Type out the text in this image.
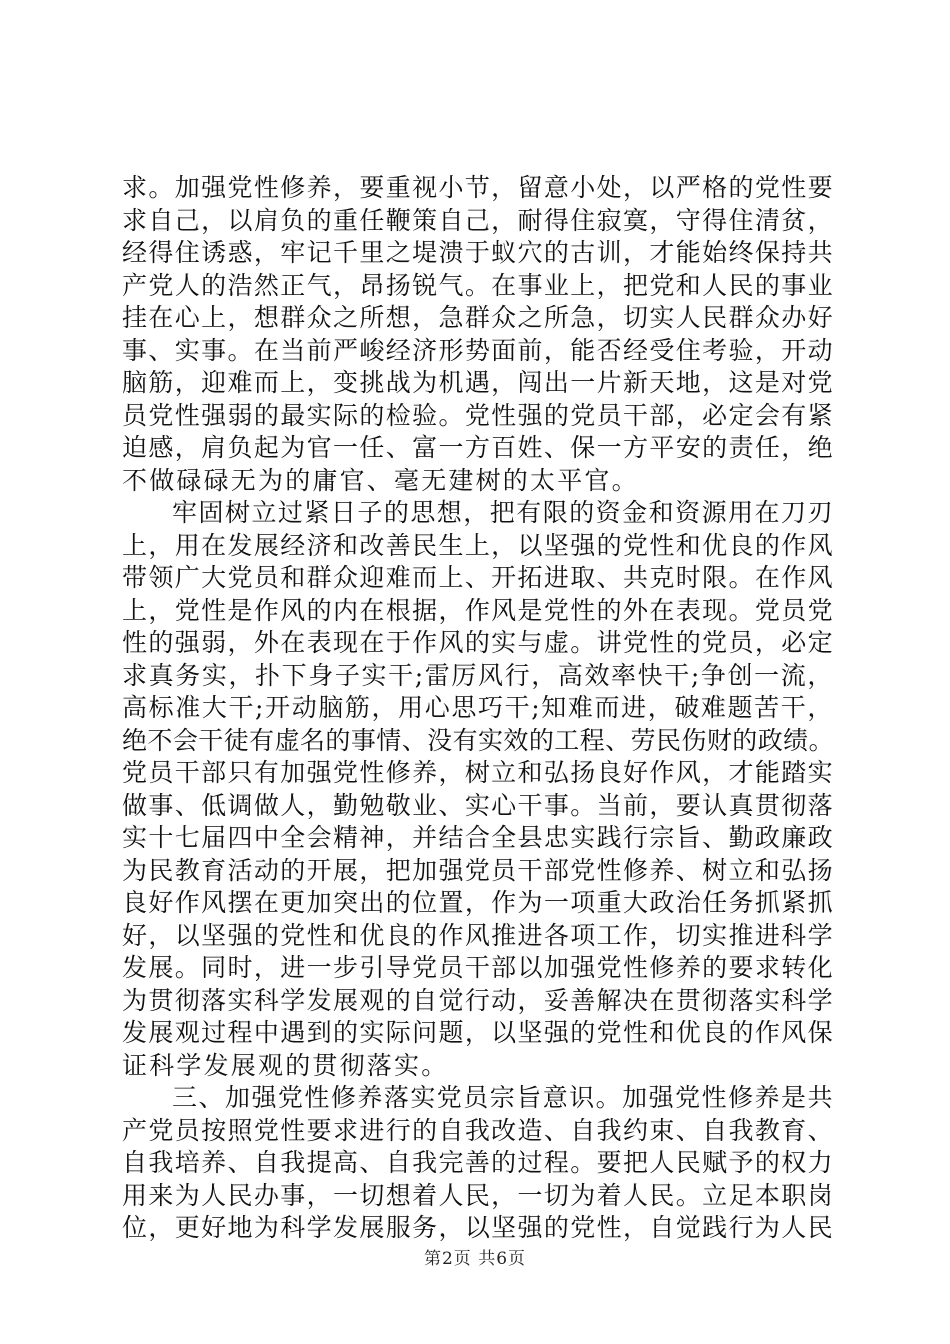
求。加强党性修养，要重视小节，留意小处，以严格的党性要
求自己，以肩负的重任鞭策自己，耐得住寂寞，守得住清贫，
经得住诱惑，牢记千里之堤溃于蚁穴的古训，才能始终保持共
产党人的浩然正气，昂扬锐气。在事业上，把党和人民的事业
挂在心上，想群众之所想，急群众之所急，切实人民群众办好
事、实事。在当前严峻经济形势面前，能否经受住考验，开动
脑筋，迎难而上，变挑战为机遇，闯出一片新天地，这是对党
员党性强弱的最实际的检验。党性强的党员干部，必定会有紧
迫感，肩负起为官一任、富一方百姓、保一方平安的责任，绝
不做碌碌无为的庸官、毫无建树的太平官。
牢固树立过紧日子的思想，把有限的资金和资源用在刀刃
上，用在发展经济和改善民生上，以坚强的党性和优良的作风
带领广大党员和群众迎难而上、开拓进取、共克时限。在作风
上，党性是作风的内在根据，作风是党性的外在表现。党员党
性的强弱，外在表现在于作风的实与虚。讲党性的党员，必定
求真务实，扑下身子实干;雷厉风行，高效率快干;争创一流，
高标准大干;开动脑筋，用心思巧干;知难而进，破难题苦干，
绝不会干徒有虚名的事情、没有实效的工程、劳民伤财的政绩。
党员干部只有加强党性修养，树立和弘扬良好作风，才能踏实
做事、低调做人，勤勉敬业、实心干事。当前，要认真贯彻落
实十七届四中全会精神，并结合全县忠实践行宗旨、勤政廉政
为民教育活动的开展，把加强党员干部党性修养、树立和弘扬
良好作风摆在更加突出的位置，作为一项重大政治任务抓紧抓
好，以坚强的党性和优良的作风推进各项工作，切实推进科学
发展。同时，进一步引导党员干部以加强党性修养的要求转化
为贯彻落实科学发展观的自觉行动，妥善解决在贯彻落实科学
发展观过程中遇到的实际问题，以坚强的党性和优良的作风保
证科学发展观的贯彻落实。
三、加强党性修养落实党员宗旨意识。加强党性修养是共
产党员按照党性要求进行的自我改造、自我约束、自我教育、
自我培养、自我提高、自我完善的过程。要把人民赋予的权力
用来为人民办事，一切想着人民，一切为着人民。立足本职岗
位，更好地为科学发展服务，以坚强的党性，自觉践行为人民
第2页 共6页
